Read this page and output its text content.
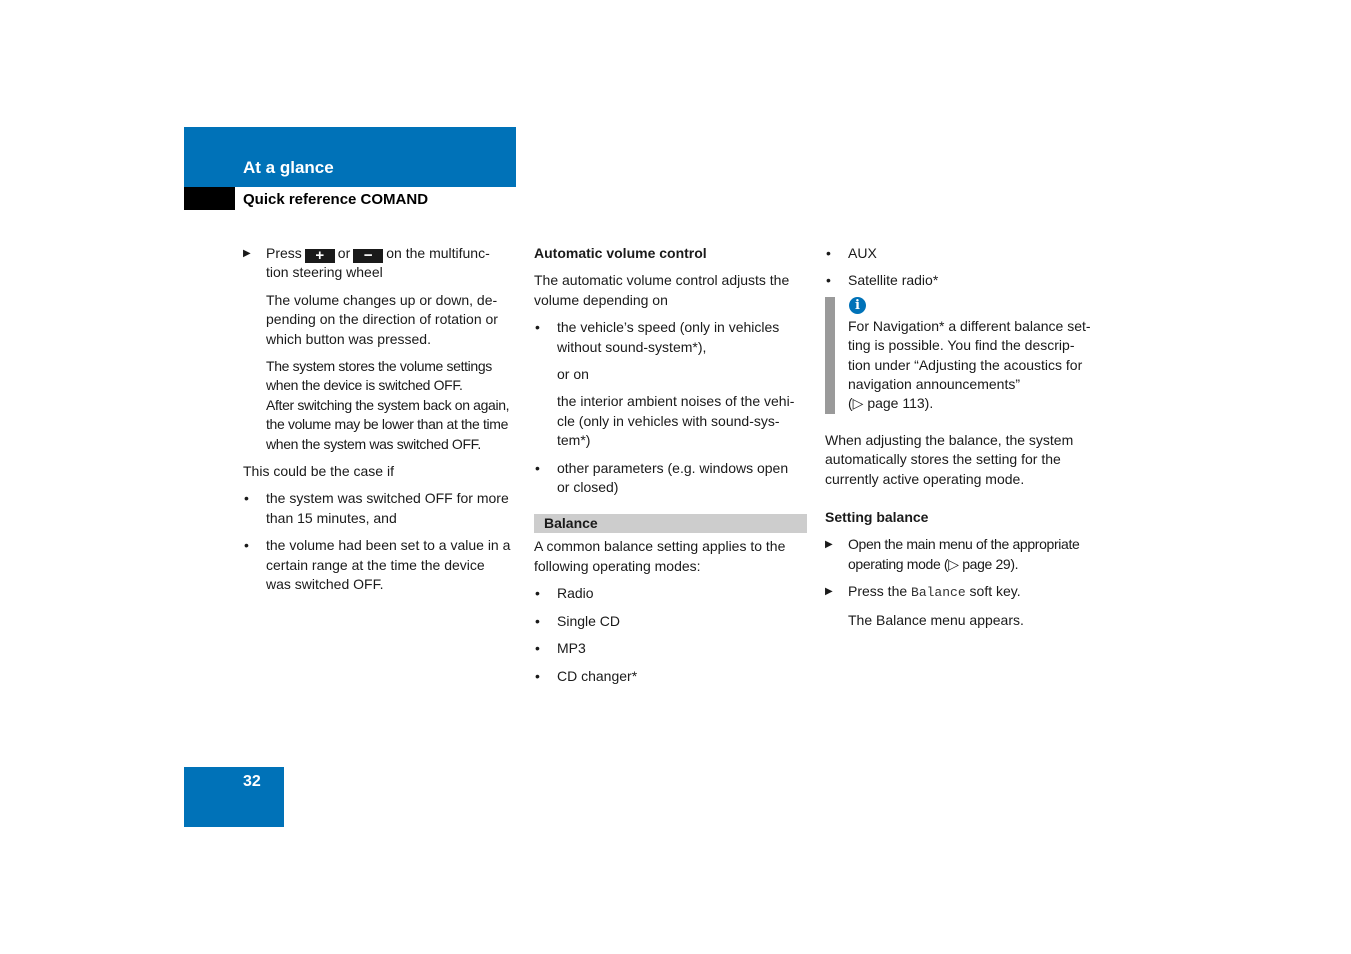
At a glance
Quick reference COMAND
▶	Press + or − on the multifunc-
tion steering wheel
The volume changes up or down, de-
pending on the direction of rotation or
which button was pressed.
The system stores the volume settings
when the device is switched OFF.
After switching the system back on again,
the volume may be lower than at the time
when the system was switched OFF.

This could be the case if

•	the system was switched OFF for more
than 15 minutes, and
•	the volume had been set to a value in a
certain range at the time the device
was switched OFF.

Automatic volume control

The automatic volume control adjusts the
volume depending on

•	the vehicle’s speed (only in vehicles
without sound-system*),
or on
the interior ambient noises of the vehi-
cle (only in vehicles with sound-sys-
tem*)
•	other parameters (e.g. windows open
or closed)
Balance

A common balance setting applies to the
following operating modes:

•	Radio
•	Single CD
•	MP3
•	CD changer*
•	AUX
•	Satellite radio*
i
For Navigation* a different balance set-
ting is possible. You find the descrip-
tion under “Adjusting the acoustics for
navigation announcements”
(▷ page 113).

When adjusting the balance, the system
automatically stores the setting for the
currently active operating mode.

Setting balance

▶	Open the main menu of the appropriate
operating mode (▷ page 29).
▶	Press the Balance soft key.
The Balance menu appears.
32
